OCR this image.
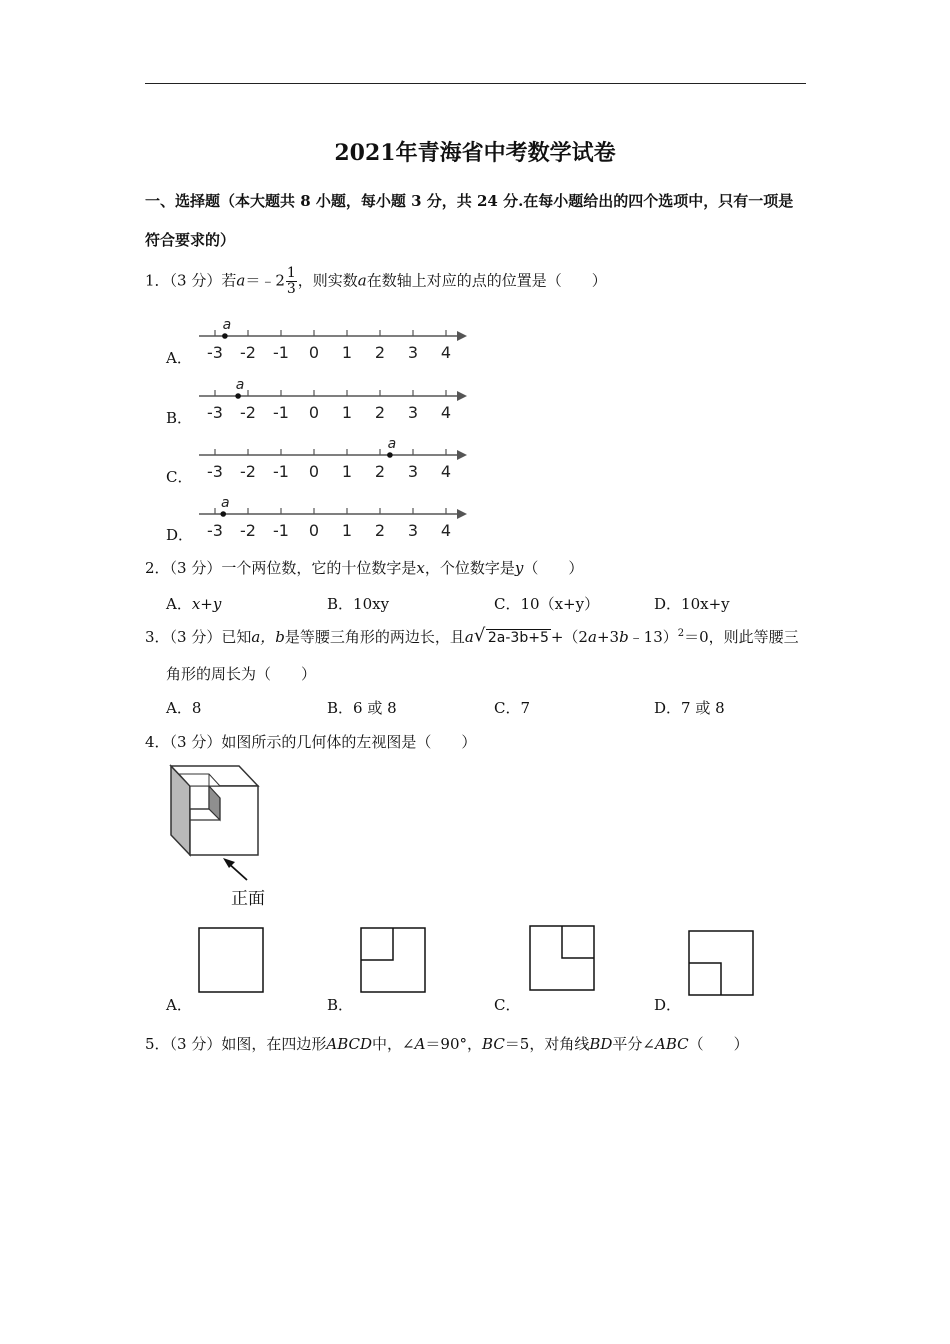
2021年青海省中考数学试卷
一、选择题（本大题共 8 小题，每小题 3 分，共 24 分.在每小题给出的四个选项中，只有一项是
符合要求的）
1．（3 分）若a＝﹣2 $\frac{1}{3}$ ，则实数a在数轴上对应的点的位置是（　　）
A．
B．
C．
D．
-3 -2 -1 0 1 2 3 4
a
-3 -2 -1 0 1 2 3 4
a
-3 -2 -1 0 1 2 3 4
a
-3 -2 -1 0 1 2 3 4
a
2．（3 分）一个两位数，它的十位数字是x，个位数字是y（　　）
A．x+y	B．10xy	C．10（x+y）	D．10x+y
3．（3 分）已知a，b是等腰三角形的两边长，且a √ 2a-3b+5 +（2a+3b﹣13）$^2$＝0，则此等腰三
角形的周长为（　　）
A．8	B．6 或 8	C．7	D．7 或 8
4．（3 分）如图所示的几何体的左视图是（　　）
正面
A．	B．	C．	D．
5．（3 分）如图，在四边形ABCD中，∠A＝90°，BC＝5，对角线BD平分∠ABC（　　）
